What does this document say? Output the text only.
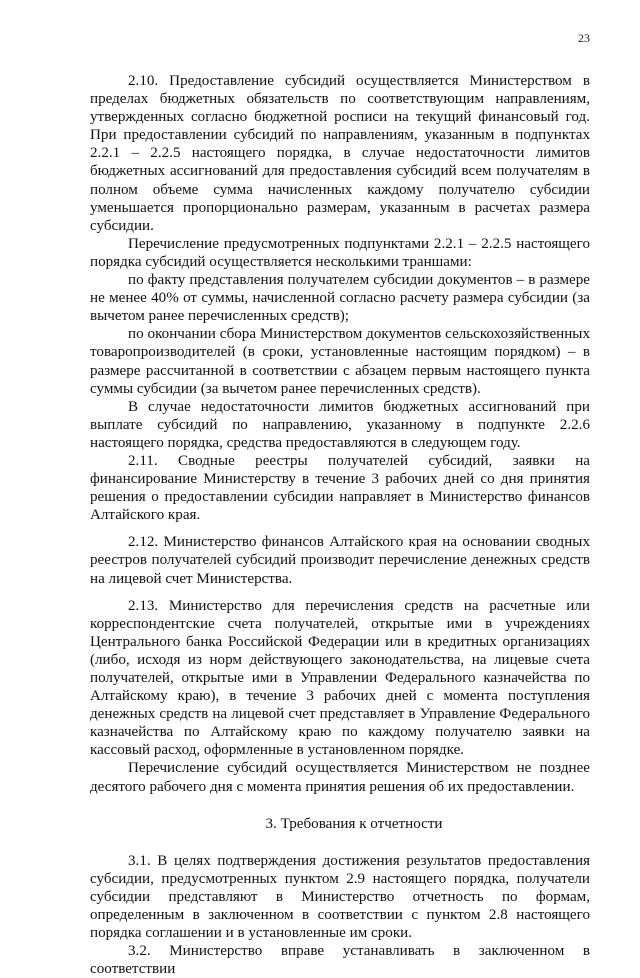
23

2.10. Предоставление субсидий осуществляется Министерством в пределах бюджетных обязательств по соответствующим направлениям, утвержденных согласно бюджетной росписи на текущий финансовый год. При предоставлении субсидий по направлениям, указанным в подпунктах 2.2.1 – 2.2.5 настоящего порядка, в случае недостаточности лимитов бюджетных ассигнований для предоставления субсидий всем получателям в полном объеме сумма начисленных каждому получателю субсидии уменьшается пропорционально размерам, указанным в расчетах размера субсидии.

Перечисление предусмотренных подпунктами 2.2.1 – 2.2.5 настоящего порядка субсидий осуществляется несколькими траншами:

по факту представления получателем субсидии документов – в размере не менее 40% от суммы, начисленной согласно расчету размера субсидии (за вычетом ранее перечисленных средств);

по окончании сбора Министерством документов сельскохозяйственных товаропроизводителей (в сроки, установленные настоящим порядком) – в размере рассчитанной в соответствии с абзацем первым настоящего пункта суммы субсидии (за вычетом ранее перечисленных средств).

В случае недостаточности лимитов бюджетных ассигнований при выплате субсидий по направлению, указанному в подпункте 2.2.6 настоящего порядка, средства предоставляются в следующем году.

2.11. Сводные реестры получателей субсидий, заявки на финансирование Министерству в течение 3 рабочих дней со дня принятия решения о предоставлении субсидии направляет в Министерство финансов Алтайского края.

2.12. Министерство финансов Алтайского края на основании сводных реестров получателей субсидий производит перечисление денежных средств на лицевой счет Министерства.

2.13. Министерство для перечисления средств на расчетные или корреспондентские счета получателей, открытые ими в учреждениях Центрального банка Российской Федерации или в кредитных организациях (либо, исходя из норм действующего законодательства, на лицевые счета получателей, открытые ими в Управлении Федерального казначейства по Алтайскому краю), в течение 3 рабочих дней с момента поступления денежных средств на лицевой счет представляет в Управление Федерального казначейства по Алтайскому краю по каждому получателю заявки на кассовый расход, оформленные в установленном порядке.

Перечисление субсидий осуществляется Министерством не позднее десятого рабочего дня с момента принятия решения об их предоставлении.

3. Требования к отчетности

3.1. В целях подтверждения достижения результатов предоставления субсидии, предусмотренных пунктом 2.9 настоящего порядка, получатели субсидии представляют в Министерство отчетность по формам, определенным в заключенном в соответствии с пунктом 2.8 настоящего порядка соглашении и в установленные им сроки.

3.2. Министерство вправе устанавливать в заключенном в соответствии
